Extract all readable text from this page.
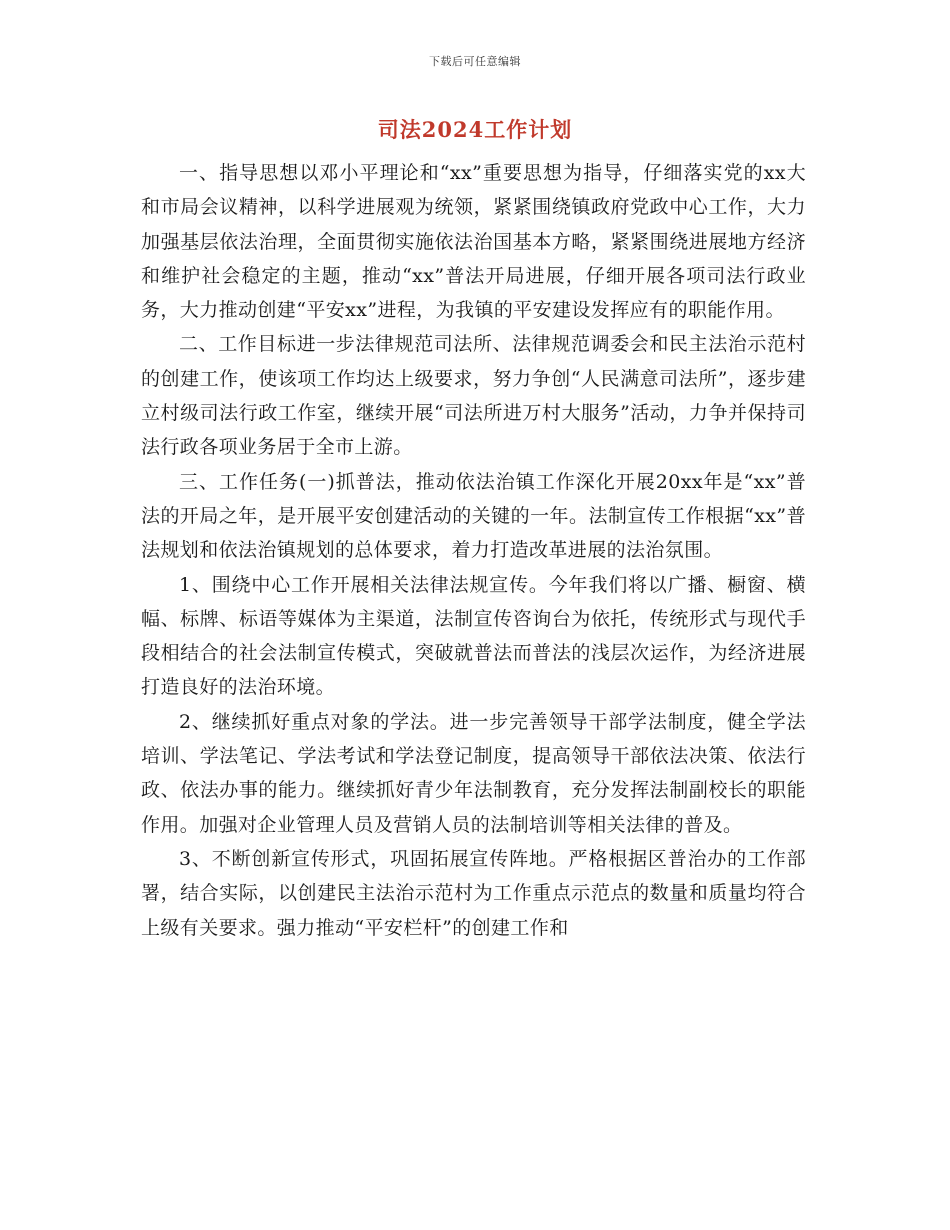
下载后可任意编辑
司法2024工作计划

一、指导思想以邓小平理论和“xx”重要思想为指导，仔细落实党的xx大和市局会议精神，以科学进展观为统领，紧紧围绕镇政府党政中心工作，大力加强基层依法治理，全面贯彻实施依法治国基本方略，紧紧围绕进展地方经济和维护社会稳定的主题，推动“xx”普法开局进展，仔细开展各项司法行政业务，大力推动创建“平安xx”进程，为我镇的平安建设发挥应有的职能作用。

二、工作目标进一步法律规范司法所、法律规范调委会和民主法治示范村的创建工作，使该项工作均达上级要求，努力争创“人民满意司法所”，逐步建立村级司法行政工作室，继续开展“司法所进万村大服务”活动，力争并保持司法行政各项业务居于全市上游。

三、工作任务(一)抓普法，推动依法治镇工作深化开展20xx年是“xx”普法的开局之年，是开展平安创建活动的关键的一年。法制宣传工作根据“xx”普法规划和依法治镇规划的总体要求，着力打造改革进展的法治氛围。

1、围绕中心工作开展相关法律法规宣传。今年我们将以广播、橱窗、横幅、标牌、标语等媒体为主渠道，法制宣传咨询台为依托，传统形式与现代手段相结合的社会法制宣传模式，突破就普法而普法的浅层次运作，为经济进展打造良好的法治环境。

2、继续抓好重点对象的学法。进一步完善领导干部学法制度，健全学法培训、学法笔记、学法考试和学法登记制度，提高领导干部依法决策、依法行政、依法办事的能力。继续抓好青少年法制教育，充分发挥法制副校长的职能作用。加强对企业管理人员及营销人员的法制培训等相关法律的普及。

3、不断创新宣传形式，巩固拓展宣传阵地。严格根据区普治办的工作部署，结合实际，以创建民主法治示范村为工作重点示范点的数量和质量均符合上级有关要求。强力推动“平安栏杆”的创建工作和
